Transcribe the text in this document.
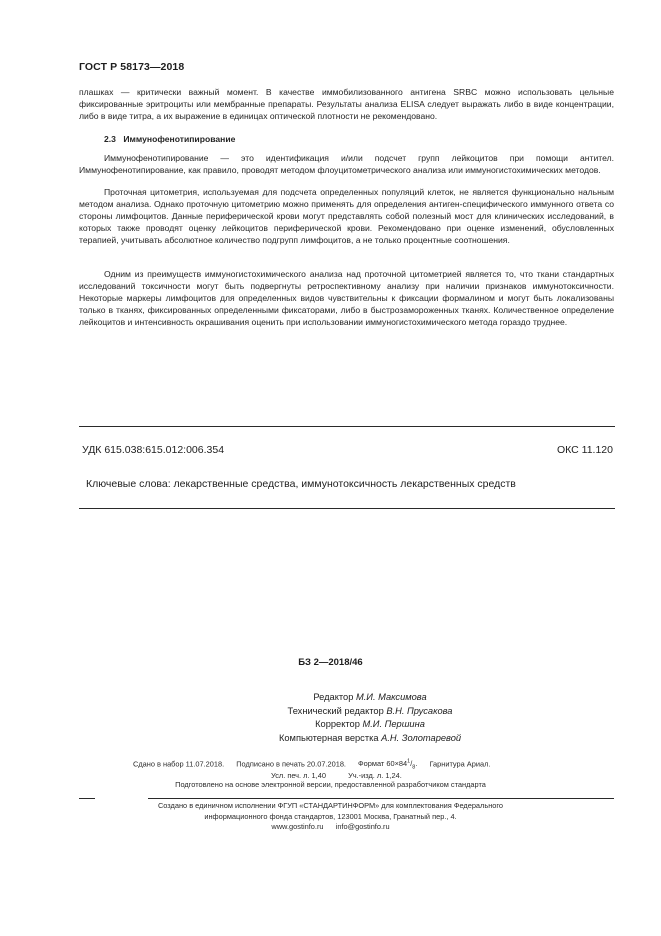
ГОСТ Р 58173—2018
плашках — критически важный момент. В качестве иммобилизованного антигена SRBC можно использовать цельные фиксированные эритроциты или мембранные препараты. Результаты анализа ELISA следует выражать либо в виде концентрации, либо в виде титра, а их выражение в единицах оптической плотности не рекомендовано.
2.3 Иммунофенотипирование
Иммунофенотипирование — это идентификация и/или подсчет групп лейкоцитов при помощи антител. Иммунофенотипирование, как правило, проводят методом флоуцитометрического анализа или иммуногистохимических методов.
Проточная цитометрия, используемая для подсчета определенных популяций клеток, не является функционально нальным методом анализа. Однако проточную цитометрию можно применять для определения антиген-специфического иммунного ответа со стороны лимфоцитов. Данные периферической крови могут представлять собой полезный мост для клинических исследований, в которых также проводят оценку лейкоцитов периферической крови. Рекомендовано при оценке изменений, обусловленных терапией, учитывать абсолютное количество подгрупп лимфоцитов, а не только процентные соотношения.
Одним из преимуществ иммуногистохимического анализа над проточной цитометрией является то, что ткани стандартных исследований токсичности могут быть подвергнуты ретроспективному анализу при наличии признаков иммунотоксичности. Некоторые маркеры лимфоцитов для определенных видов чувствительны к фиксации формалином и могут быть локализованы только в тканях, фиксированных определенными фиксаторами, либо в быстрозамороженных тканях. Количественное определение лейкоцитов и интенсивность окрашивания оценить при использовании иммуногистохимического метода гораздо труднее.
УДК 615.038:615.012:006.354	ОКС 11.120
Ключевые слова: лекарственные средства, иммунотоксичность лекарственных средств
БЗ 2—2018/46
Редактор М.И. Максимова
Технический редактор В.Н. Прусакова
Корректор М.И. Першина
Компьютерная верстка А.Н. Золотаревой
Сдано в набор 11.07.2018. Подписано в печать 20.07.2018. Формат $60\times 84^1/_8$. Гарнитура Ариал.
Усл. печ. л. 1,40	Уч.-изд. л. 1,24.
Подготовлено на основе электронной версии, предоставленной разработчиком стандарта
Создано в единичном исполнении ФГУП «СТАНДАРТИНФОРМ» для комплектования Федерального
информационного фонда стандартов, 123001 Москва, Гранатный пер., 4.
www.gostinfo.ru info@gostinfo.ru
